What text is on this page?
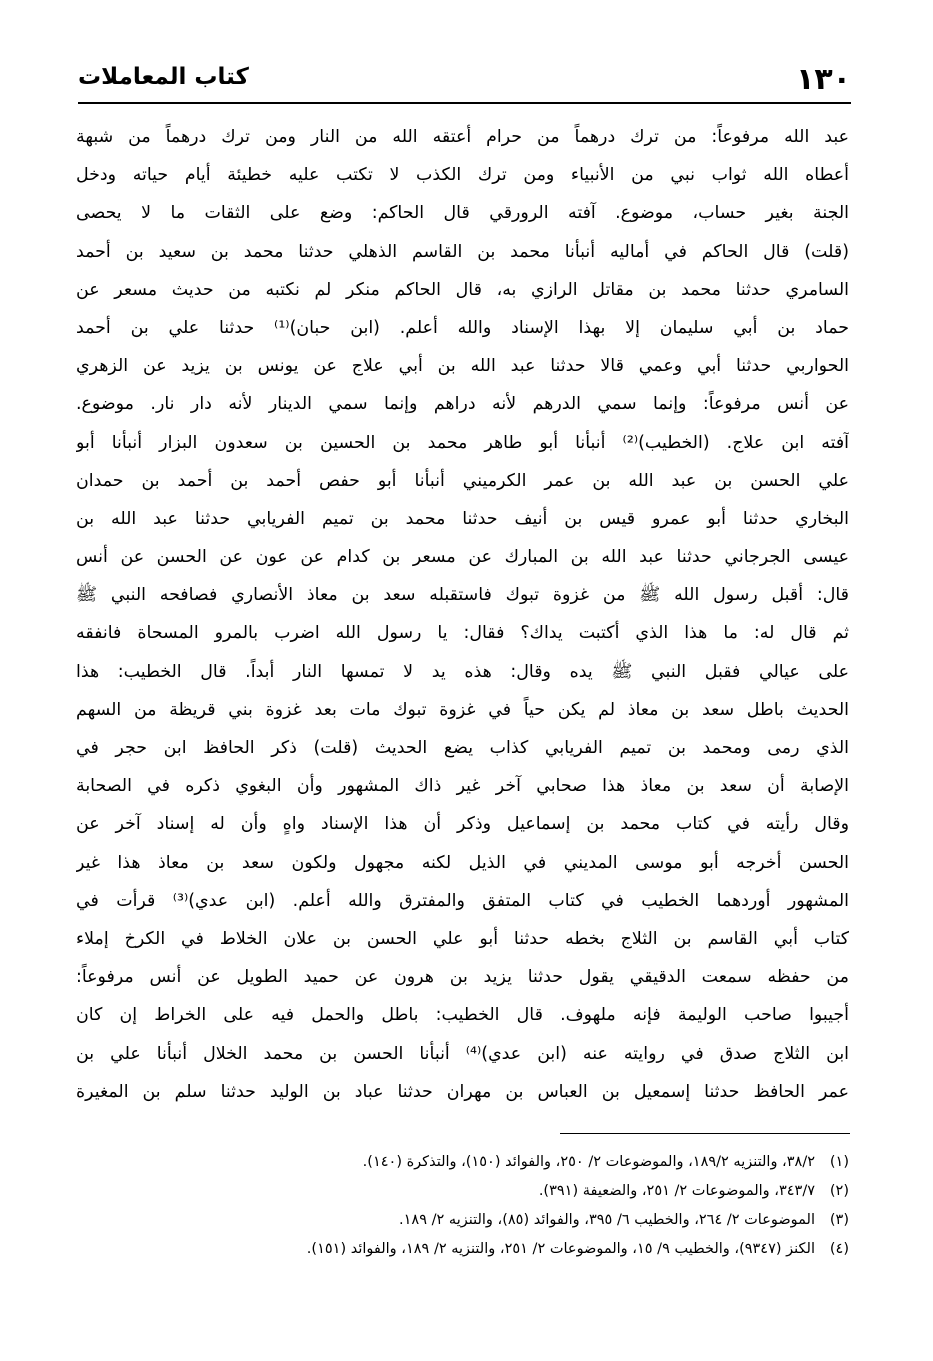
١٣٠
كتاب المعاملات
عبد الله مرفوعاً: من ترك درهماً من حرام أعتقه الله من النار ومن ترك درهماً من شبهة
أعطاه الله ثواب نبي من الأنبياء ومن ترك الكذب لا تكتب عليه خطيئة أيام حياته ودخل
الجنة بغير حساب، موضوع. آفته الرورقي قال الحاكم: وضع على الثقات ما لا يحصى
(قلت) قال الحاكم في أماليه أنبأنا محمد بن القاسم الذهلي حدثنا محمد بن سعيد بن أحمد
السامري حدثنا محمد بن مقاتل الرازي به، قال الحاكم منكر لم نكتبه من حديث مسعر عن
حماد بن أبي سليمان إلا بهذا الإسناد والله أعلم. (ابن حبان)⁽¹⁾ حدثنا علي بن أحمد
الحواربي حدثنا أبي وعمي قالا حدثنا عبد الله بن أبي علاج عن يونس بن يزيد عن الزهري
عن أنس مرفوعاً: وإنما سمي الدرهم لأنه دراهم وإنما سمي الدينار لأنه دار نار. موضوع.
آفته ابن علاج. (الخطيب)⁽²⁾ أنبأنا أبو طاهر محمد بن الحسين بن سعدون البزار أنبأنا أبو
علي الحسن بن عبد الله بن عمر الكرميني أنبأنا أبو حفص أحمد بن أحمد بن حمدان
البخاري حدثنا أبو عمرو قيس بن أنيف حدثنا محمد بن تميم الفريابي حدثنا عبد الله بن
عيسى الجرجاني حدثنا عبد الله بن المبارك عن مسعر بن كدام عن عون عن الحسن عن أنس
قال: أقبل رسول الله ﷺ من غزوة تبوك فاستقبله سعد بن معاذ الأنصاري فصافحه النبي ﷺ
ثم قال له: ما هذا الذي أكتبت يداك؟ فقال: يا رسول الله اضرب بالمرو المسحاة فانفقه
على عيالي فقبل النبي ﷺ يده وقال: هذه يد لا تمسها النار أبداً. قال الخطيب: هذا
الحديث باطل سعد بن معاذ لم يكن حياً في غزوة تبوك مات بعد غزوة بني قريظة من السهم
الذي رمى ومحمد بن تميم الفريابي كذاب يضع الحديث (قلت) ذكر الحافظ ابن حجر في
الإصابة أن سعد بن معاذ هذا صحابي آخر غير ذاك المشهور وأن البغوي ذكره في الصحابة
وقال رأيته في كتاب محمد بن إسماعيل وذكر أن هذا الإسناد واهٍ وأن له إسناد آخر عن
الحسن أخرجه أبو موسى المديني في الذيل لكنه مجهول ولكون سعد بن معاذ هذا غير
المشهور أوردهما الخطيب في كتاب المتفق والمفترق والله أعلم. (ابن عدي)⁽³⁾ قرأت في
كتاب أبي القاسم بن الثلاج بخطه حدثنا أبو علي الحسن بن علان الخلاط في الكرخ إملاء
من حفظه سمعت الدقيقي يقول حدثنا يزيد بن هرون عن حميد الطويل عن أنس مرفوعاً:
أجيبوا صاحب الوليمة فإنه ملهوف. قال الخطيب: باطل والحمل فيه على الخراط إن كان
ابن الثلاج صدق في روايته عنه (ابن عدي)⁽⁴⁾ أنبأنا الحسن بن محمد الخلال أنبأنا علي بن
عمر الحافظ حدثنا إسمعيل بن العباس بن مهران حدثنا عباد بن الوليد حدثنا سلم بن المغيرة
(١)٣٨/٢، والتنزيه ١٨٩/٢، والموضوعات ٢/ ٢٥٠، والفوائد (١٥٠)، والتذكرة (١٤٠).
(٢)٣٤٣/٧، والموضوعات ٢/ ٢٥١، والضعيفة (٣٩١).
(٣)الموضوعات ٢/ ٢٦٤، والخطيب ٦/ ٣٩٥، والفوائد (٨٥)، والتنزيه ٢/ ١٨٩.
(٤)الكنز (٩٣٤٧)، والخطيب ٩/ ١٥، والموضوعات ٢/ ٢٥١، والتنزيه ٢/ ١٨٩، والفوائد (١٥١).
